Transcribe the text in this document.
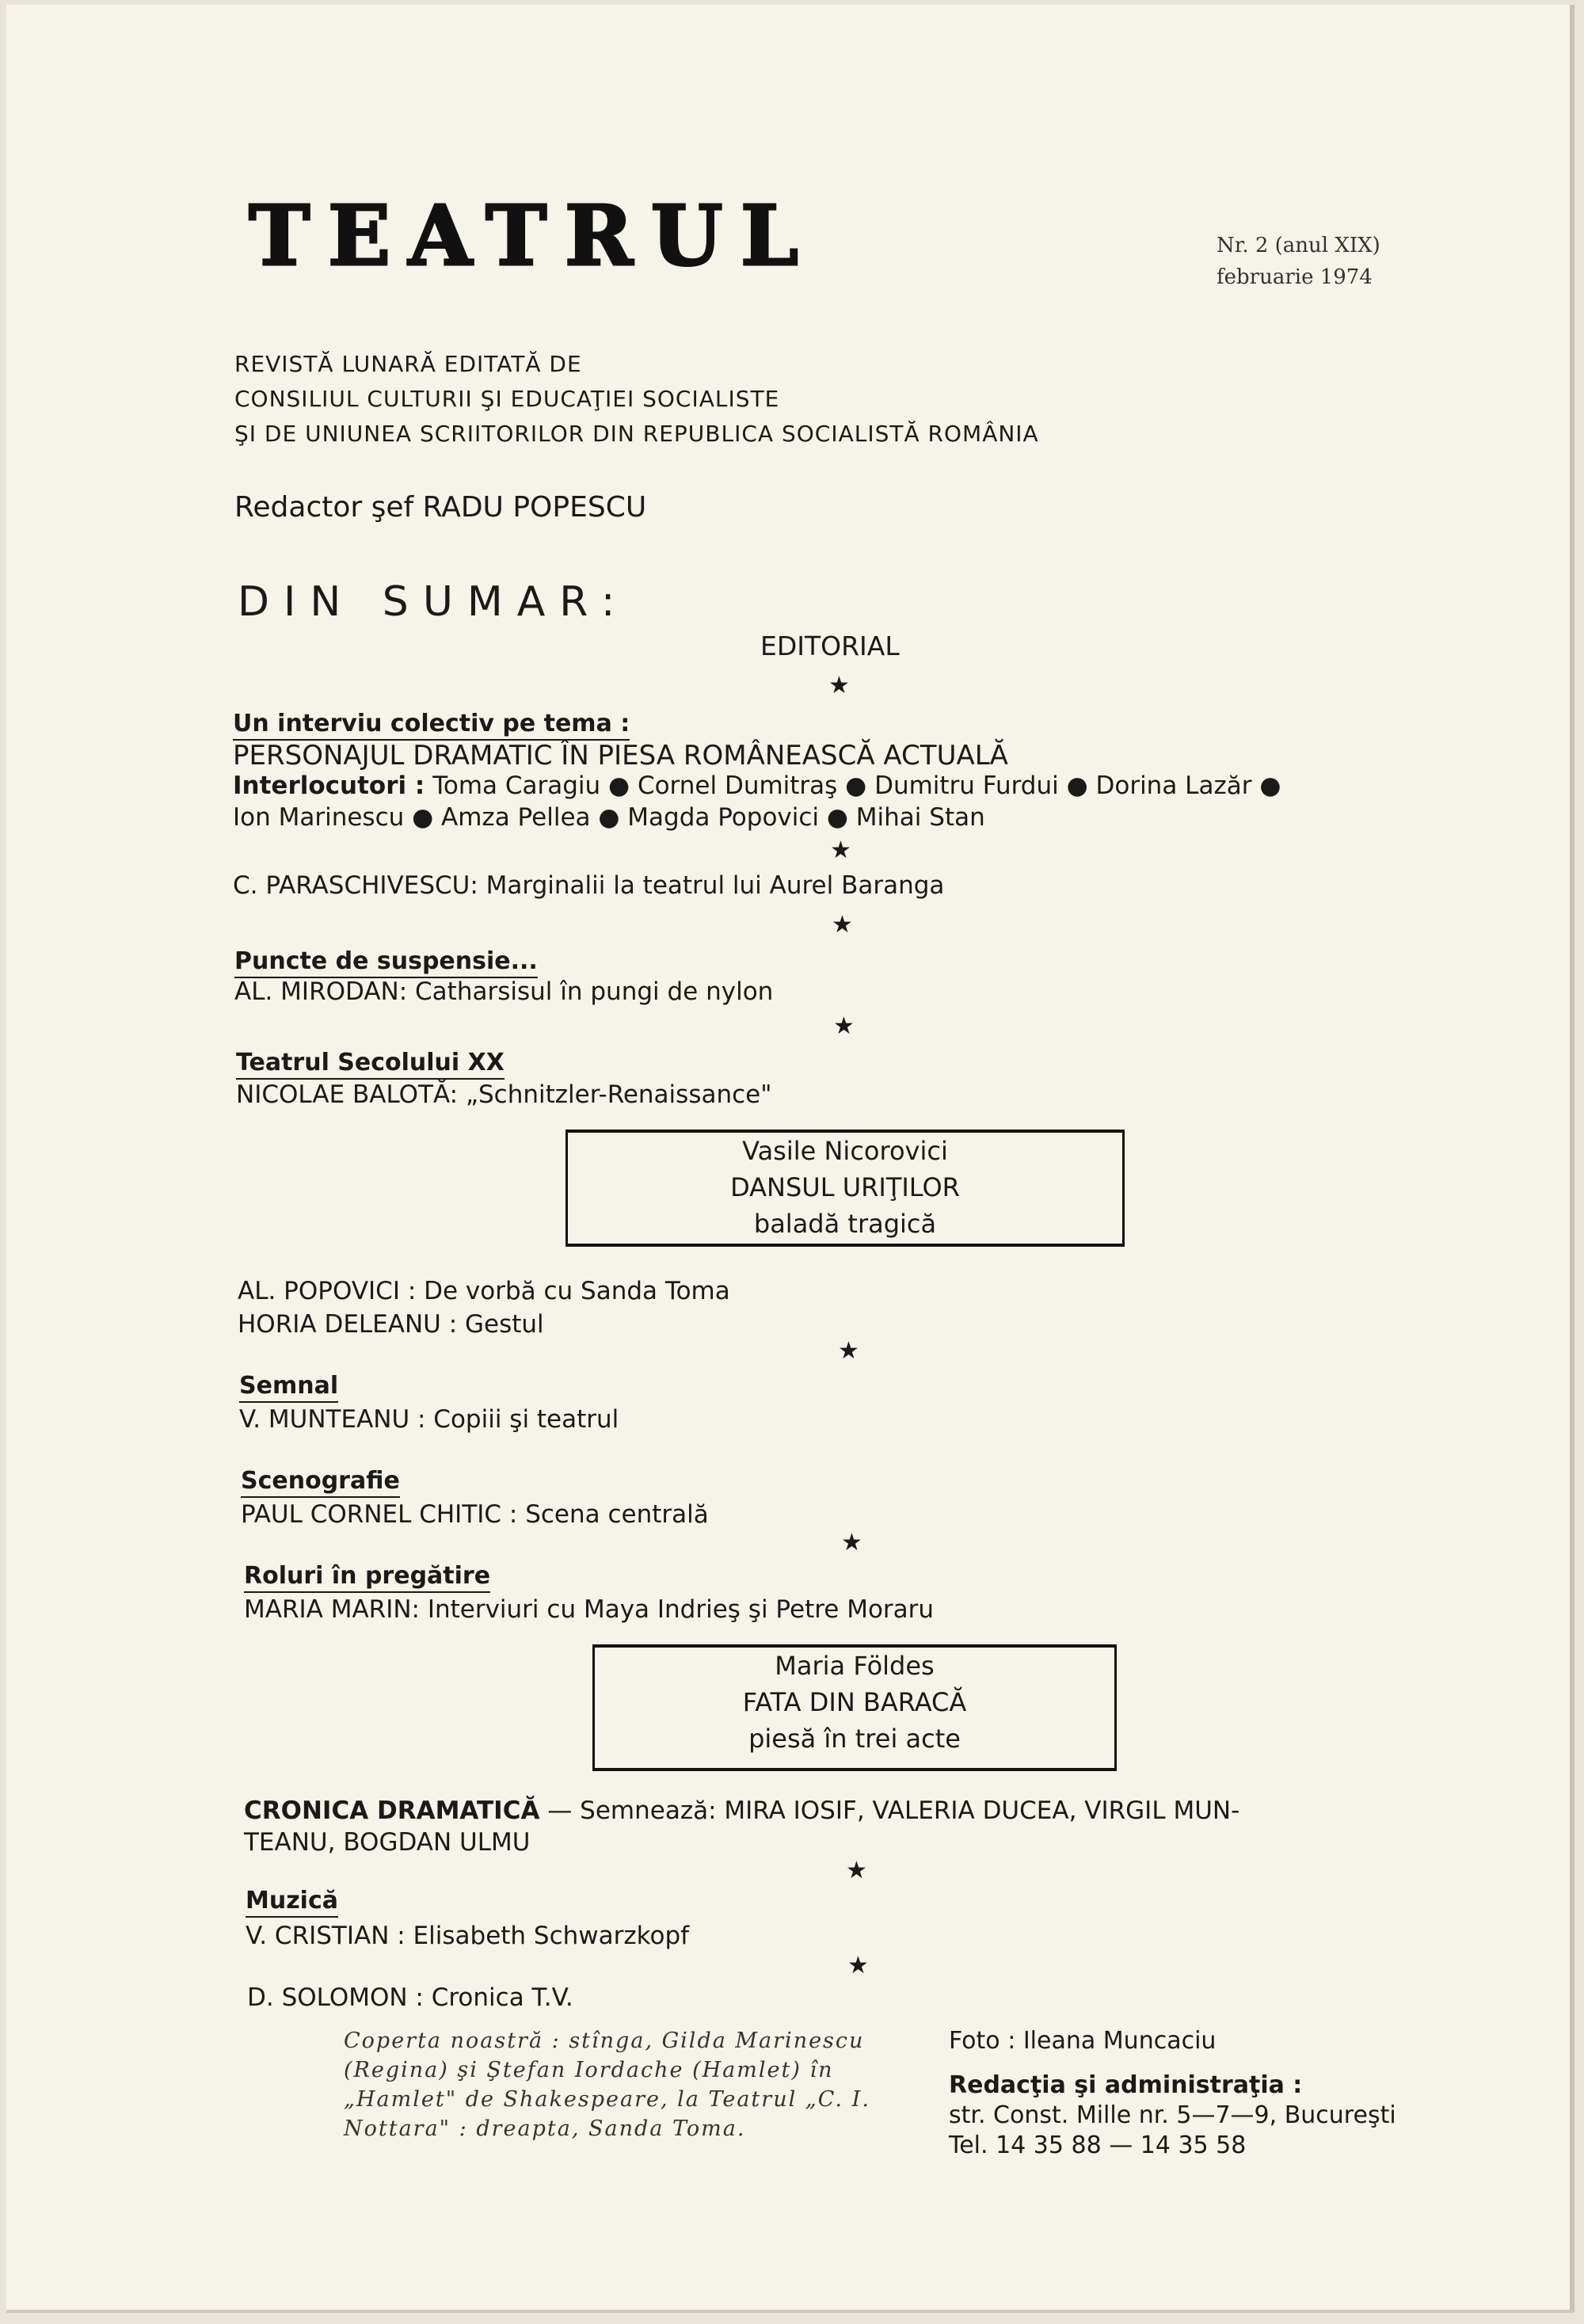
TEATRUL	Nr. 2 (anul XIX)
februarie 1974
REVISTĂ LUNARĂ EDITATĂ DE
CONSILIUL CULTURII ŞI EDUCAŢIEI SOCIALISTE
ŞI DE UNIUNEA SCRIITORILOR DIN REPUBLICA SOCIALISTĂ ROMÂNIA
Redactor şef RADU POPESCU
DIN SUMAR:
EDITORIAL
★
Un interviu colectiv pe tema :
PERSONAJUL DRAMATIC ÎN PIESA ROMÂNEASCĂ ACTUALĂ
Interlocutori : Toma Caragiu ● Cornel Dumitraş ● Dumitru Furdui ● Dorina Lazăr ●
Ion Marinescu ● Amza Pellea ● Magda Popovici ● Mihai Stan
★
C. PARASCHIVESCU: Marginalii la teatrul lui Aurel Baranga
★
Puncte de suspensie...
AL. MIRODAN: Catharsisul în pungi de nylon
★
Teatrul Secolului XX
NICOLAE BALOTĂ: „Schnitzler-Renaissance"
Vasile Nicorovici
DANSUL URIŢILOR
baladă tragică
AL. POPOVICI : De vorbă cu Sanda Toma
HORIA DELEANU : Gestul
★
Semnal
V. MUNTEANU : Copiii şi teatrul
Scenografie
PAUL CORNEL CHITIC : Scena centrală
★
Roluri în pregătire
MARIA MARIN: Interviuri cu Maya Indrieş şi Petre Moraru
Maria Földes
FATA DIN BARACĂ
piesă în trei acte
CRONICA DRAMATICĂ — Semnează: MIRA IOSIF, VALERIA DUCEA, VIRGIL MUN-
TEANU, BOGDAN ULMU
★
Muzică
V. CRISTIAN : Elisabeth Schwarzkopf
★
D. SOLOMON : Cronica T.V.
Coperta noastră : stînga, Gilda Marinescu (Regina) şi Ştefan Iordache (Hamlet) în „Hamlet" de Shakespeare, la Teatrul „C. I. Nottara" : dreapta, Sanda Toma.
Foto : Ileana Muncaciu
Redacţia şi administraţia :
str. Const. Mille nr. 5—7—9, Bucureşti
Tel. 14 35 88 — 14 35 58
